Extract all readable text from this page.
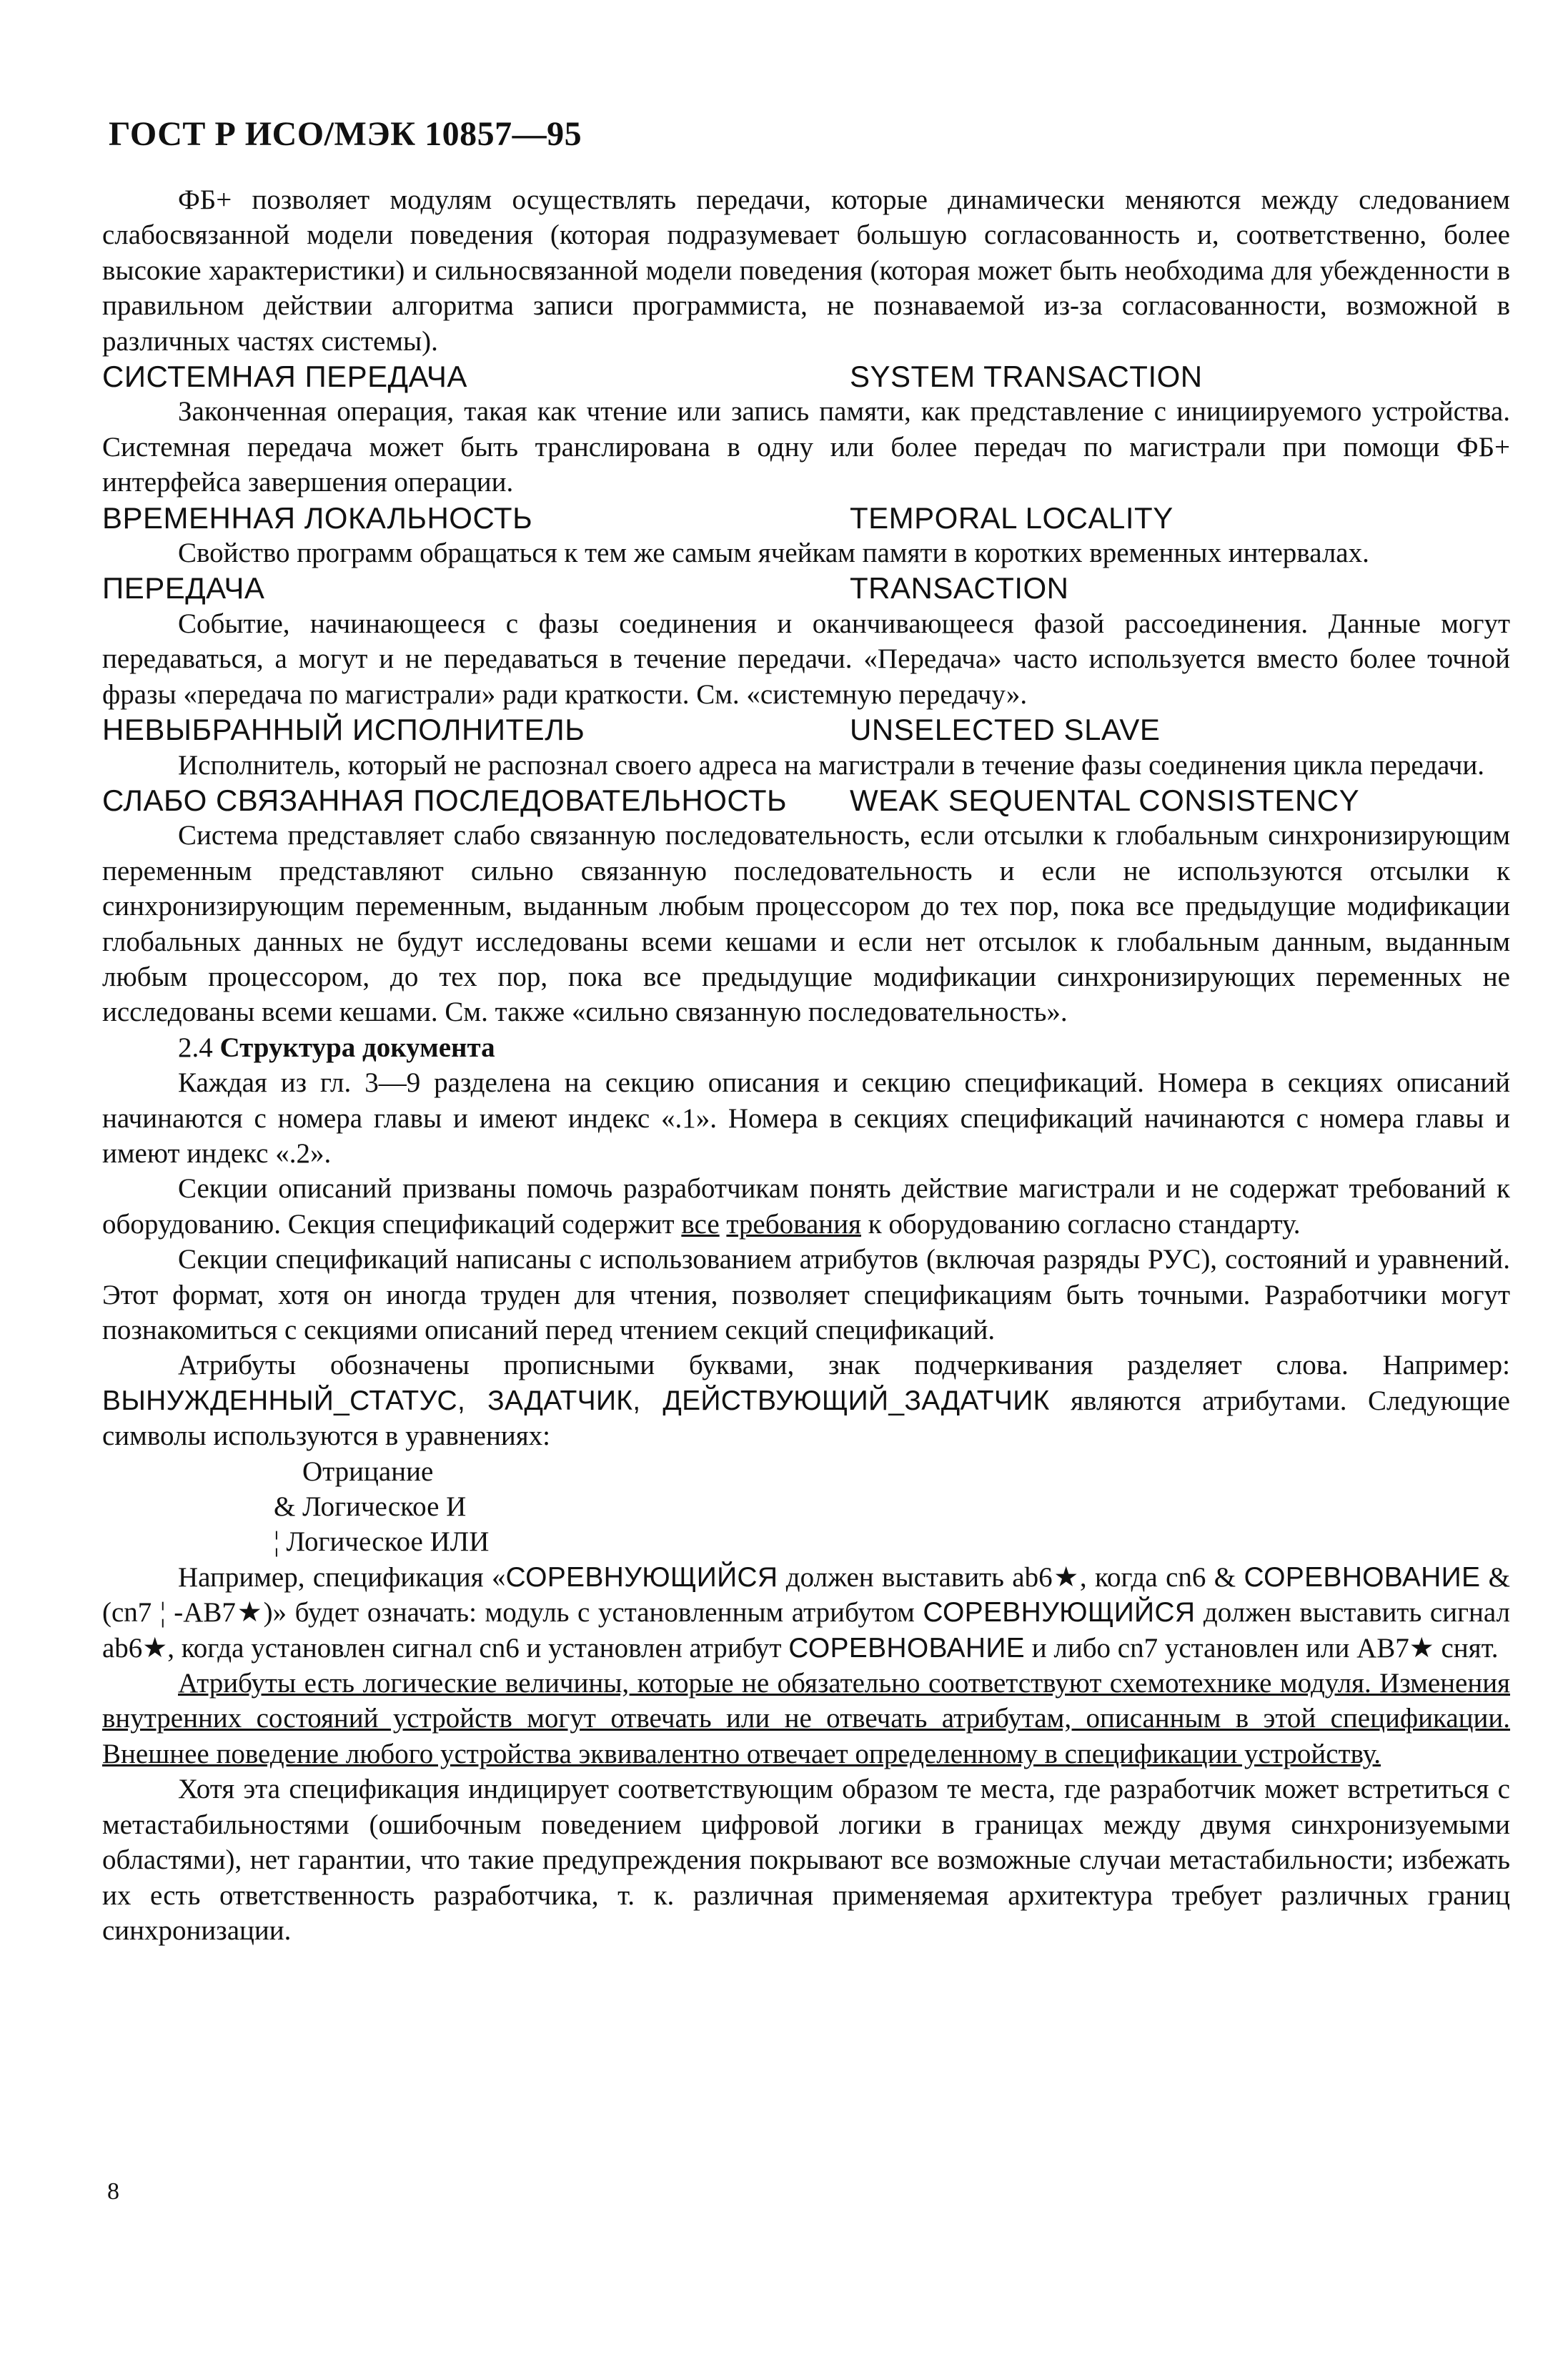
ГОСТ Р ИСО/МЭК 10857—95

ФБ+ позволяет модулям осуществлять передачи, которые динамически меняются между следованием слабосвязанной модели поведения (которая подразумевает большую согласованность и, соответственно, более высокие характеристики) и сильносвязанной модели поведения (которая может быть необходима для убежденности в правильном действии алгоритма записи программиста, не познаваемой из-за согласованности, возможной в различных частях системы).

СИСТЕМНАЯ ПЕРЕДАЧА	SYSTEM TRANSACTION

Законченная операция, такая как чтение или запись памяти, как представление с инициируемого устройства. Системная передача может быть транслирована в одну или более передач по магистрали при помощи ФБ+ интерфейса завершения операции.

ВРЕМЕННАЯ ЛОКАЛЬНОСТЬ	TEMPORAL LOCALITY

Свойство программ обращаться к тем же самым ячейкам памяти в коротких временных интервалах.

ПЕРЕДАЧА	TRANSACTION

Событие, начинающееся с фазы соединения и оканчивающееся фазой рассоединения. Данные могут передаваться, а могут и не передаваться в течение передачи. «Передача» часто используется вместо более точной фразы «передача по магистрали» ради краткости. См. «системную передачу».

НЕВЫБРАННЫЙ ИСПОЛНИТЕЛЬ	UNSELECTED SLAVE

Исполнитель, который не распознал своего адреса на магистрали в течение фазы соединения цикла передачи.

СЛАБО СВЯЗАННАЯ ПОСЛЕДОВАТЕЛЬНОСТЬ	WEAK SEQUENTAL CONSISTENCY

Система представляет слабо связанную последовательность, если отсылки к глобальным синхронизирующим переменным представляют сильно связанную последовательность и если не используются отсылки к синхронизирующим переменным, выданным любым процессором до тех пор, пока все предыдущие модификации глобальных данных не будут исследованы всеми кешами и если нет отсылок к глобальным данным, выданным любым процессором, до тех пор, пока все предыдущие модификации синхронизирующих переменных не исследованы всеми кешами. См. также «сильно связанную последовательность».

2.4 Структура документа

Каждая из гл. 3—9 разделена на секцию описания и секцию спецификаций. Номера в секциях описаний начинаются с номера главы и имеют индекс «.1». Номера в секциях спецификаций начинаются с номера главы и имеют индекс «.2».

Секции описаний призваны помочь разработчикам понять действие магистрали и не содержат требований к оборудованию. Секция спецификаций содержит все требования к оборудованию согласно стандарту.

Секции спецификаций написаны с использованием атрибутов (включая разряды РУС), состояний и уравнений. Этот формат, хотя он иногда труден для чтения, позволяет спецификациям быть точными. Разработчики могут познакомиться с секциями описаний перед чтением секций спецификаций.

Атрибуты обозначены прописными буквами, знак подчеркивания разделяет слова. Например: ВЫНУЖДЕННЫЙ_СТАТУС, ЗАДАТЧИК, ДЕЙСТВУЮЩИЙ_ЗАДАТЧИК являются атрибутами. Следующие символы используются в уравнениях:

Отрицание

& Логическое И

¦ Логическое ИЛИ

Например, спецификация «СОРЕВНУЮЩИЙСЯ должен выставить ab6★, когда cn6 & СОРЕВНОВАНИЕ & (cn7 ¦ -AB7★)» будет означать: модуль с установленным атрибутом СОРЕВНУЮЩИЙСЯ должен выставить сигнал ab6★, когда установлен сигнал cn6 и установлен атрибут СОРЕВНОВАНИЕ и либо cn7 установлен или AB7★ снят.

Атрибуты есть логические величины, которые не обязательно соответствуют схемотехнике модуля. Изменения внутренних состояний устройств могут отвечать или не отвечать атрибутам, описанным в этой спецификации. Внешнее поведение любого устройства эквивалентно отвечает определенному в спецификации устройству.

Хотя эта спецификация индицирует соответствующим образом те места, где разработчик может встретиться с метастабильностями (ошибочным поведением цифровой логики в границах между двумя синхронизуемыми областями), нет гарантии, что такие предупреждения покрывают все возможные случаи метастабильности; избежать их есть ответственность разработчика, т. к. различная применяемая архитектура требует различных границ синхронизации.

8
